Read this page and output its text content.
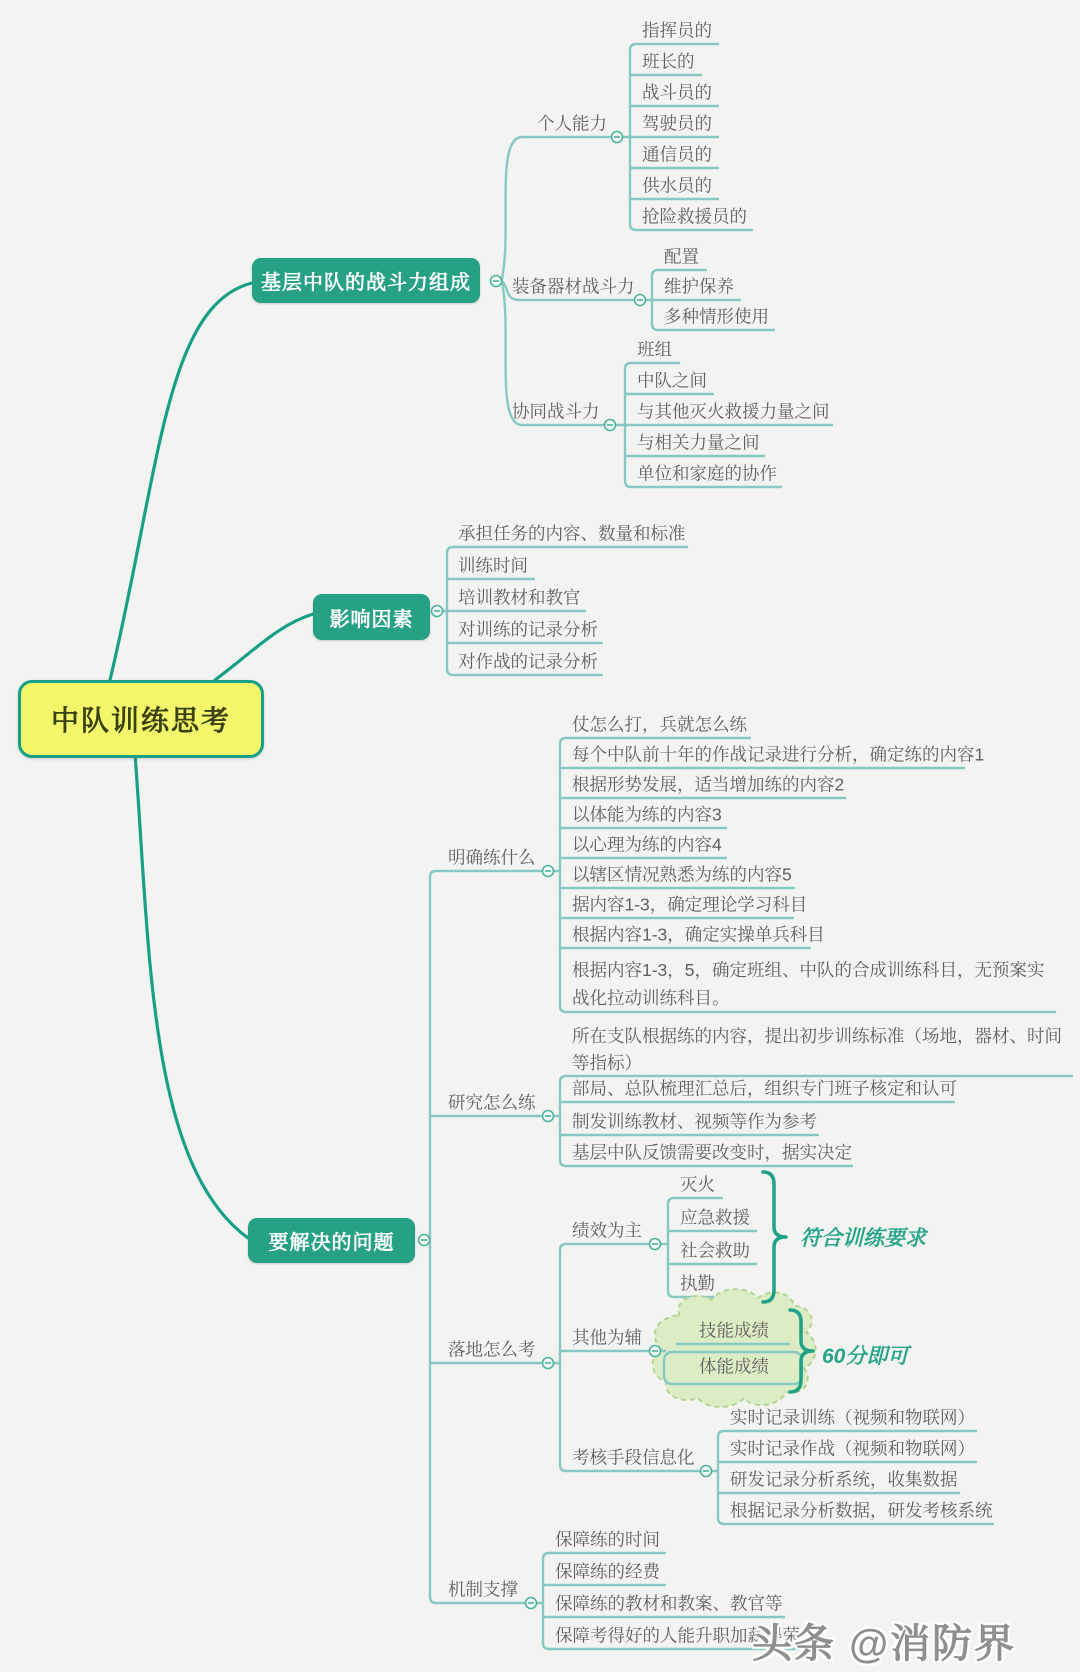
中队训练思考
基层中队的战斗力组成
影响因素
要解决的问题
个人能力
指挥员的
班长的
战斗员的
驾驶员的
通信员的
供水员的
抢险救援员的
装备器材战斗力
配置
维护保养
多种情形使用
协同战斗力
班组
中队之间
与其他灭火救援力量之间
与相关力量之间
单位和家庭的协作
承担任务的内容、数量和标准
训练时间
培训教材和教官
对训练的记录分析
对作战的记录分析
明确练什么
仗怎么打，兵就怎么练
每个中队前十年的作战记录进行分析，确定练的内容1
根据形势发展，适当增加练的内容2
以体能为练的内容3
以心理为练的内容4
以辖区情况熟悉为练的内容5
据内容1-3，确定理论学习科目
根据内容1-3，确定实操单兵科目
根据内容1-3，5，确定班组、中队的合成训练科目，无预案实战化拉动训练科目。
研究怎么练
所在支队根据练的内容，提出初步训练标准（场地，器材、时间等指标）
部局、总队梳理汇总后，组织专门班子核定和认可
制发训练教材、视频等作为参考
基层中队反馈需要改变时，据实决定
落地怎么考
绩效为主
灭火
应急救援
社会救助
执勤
符合训练要求
其他为辅	技能成绩
体能成绩	60分即可
考核手段信息化
实时记录训练（视频和物联网）
实时记录作战（视频和物联网）
研发记录分析系统，收集数据
根据记录分析数据，研发考核系统
机制支撑
保障练的时间
保障练的经费
保障练的教材和教案、教官等
保障考得好的人能升职加薪得荣誉
头条 @消防界
